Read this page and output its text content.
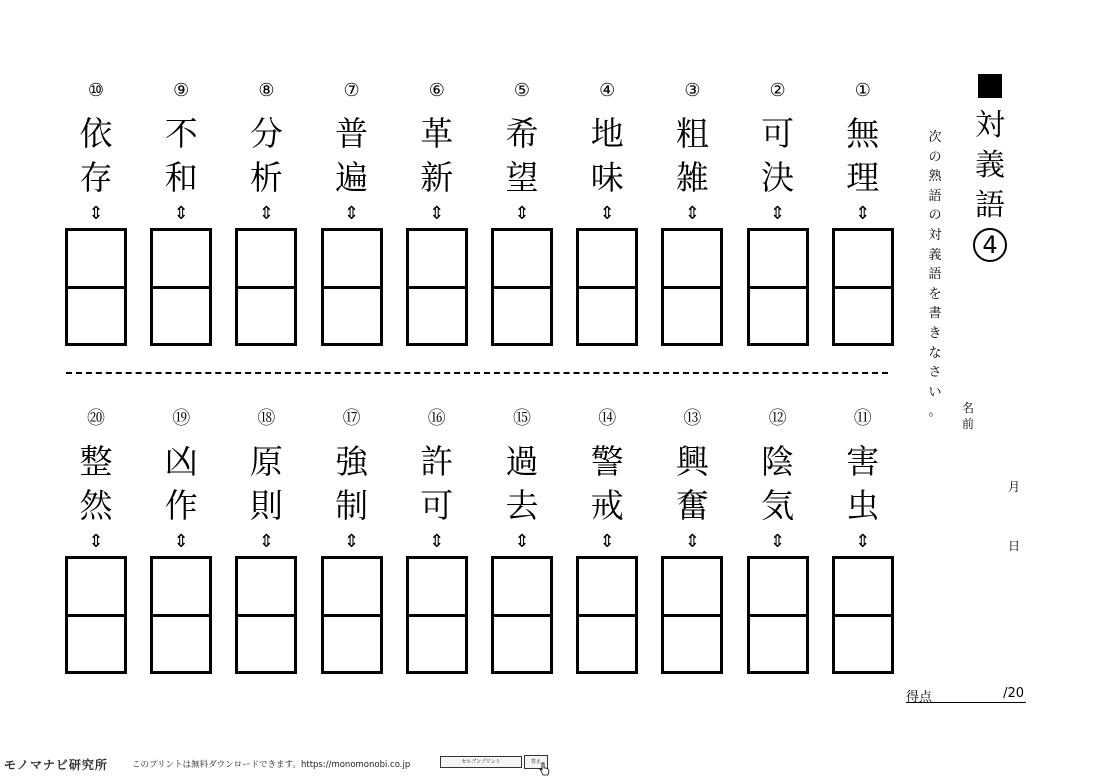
対
義
語
4
次
の
熟
語
の
対
義
語
を
書
き
な
さ
い
。 名
前
月
日
⑩
依
存
⇕
⑨
不
和
⇕
⑧
分
析
⇕
⑦
普
遍
⇕
⑥
革
新
⇕
⑤
希
望
⇕
④
地
味
⇕
③
粗
雑
⇕
②
可
決
⇕
①
無
理
⇕
⑳
整
然
⇕
⑲
凶
作
⇕
⑱
原
則
⇕
⑰
強
制
⇕
⑯
許
可
⇕
⑮
過
去
⇕
⑭
警
戒
⇕
⑬
興
奮
⇕
⑫
陰
気
⇕
⑪
害
虫
⇕
得点	/20
モノマナビ研究所	このプリントは無料ダウンロードできます。https://monomonobi.co.jp	セルブンプリント	答え
